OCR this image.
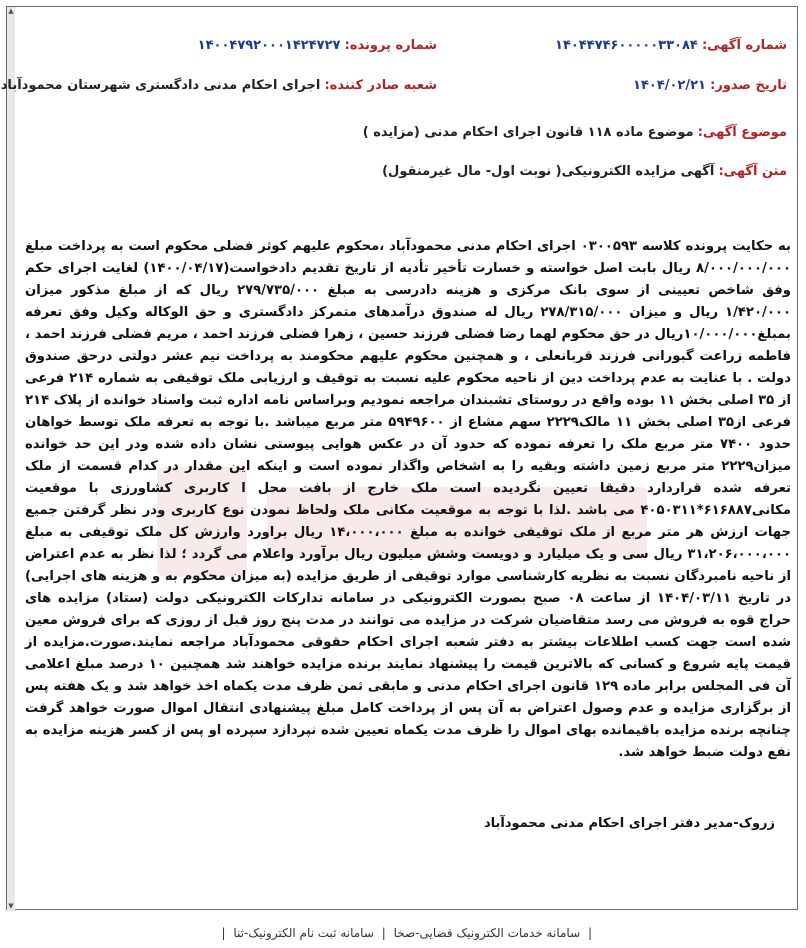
▲
▼
شماره آگهی: ۱۴۰۴۴۷۴۶۰۰۰۰۰۳۳۰۸۴
شماره پرونده: ۱۴۰۰۴۷۹۲۰۰۰۱۴۲۴۷۲۷
تاریخ صدور: ۱۴۰۴/۰۲/۲۱
شعبه صادر کننده: اجرای احکام مدنی دادگستری شهرستان محمودآباد
موضوع آگهی: موضوع ماده ۱۱۸ قانون اجرای احکام مدنی (مزایده )
متن آگهی: آگهی مزایده الکترونیکی( نوبت اول- مال غیرمنقول)
به حکایت پرونده کلاسه ۰۳۰۰۵۹۳ اجرای احکام مدنی محمودآباد ،محکوم علیهم کوثر فضلی محکوم است به پرداخت مبلغ ۸/۰۰۰/۰۰۰/۰۰۰ ریال بابت اصل خواسته و خسارت تأخیر تأدیه از تاریخ تقدیم دادخواست(۱۴۰۰/۰۴/۱۷) لغایت اجرای حکم وفق شاخص تعیینی از سوی بانک مرکزی و هزینه دادرسی به مبلغ ۲۷۹/۷۳۵/۰۰۰ ریال که از مبلغ مذکور میزان ۱/۴۲۰/۰۰۰ ریال و میزان ۲۷۸/۳۱۵/۰۰۰ ریال له صندوق درآمدهای متمرکز دادگستری و حق الوکاله وکیل وفق تعرفه بمبلغ۱۰/۰۰۰/۰۰۰ریال در حق محکوم لهما رضا فضلی فرزند حسین ، زهرا فضلی فرزند احمد ، مریم فضلی فرزند احمد ، فاطمه زراعت گبورانی فرزند قربانعلی ، و همچنین محکوم علیهم محکومند به پرداخت نیم عشر دولتی درحق صندوق دولت . با عنایت به عدم پرداخت دین از ناحیه محکوم علیه نسبت به توقیف و ارزیابی ملک توقیفی به شماره ۲۱۴ فرعی از ۳۵ اصلی بخش ۱۱ بوده واقع در روستای تشبندان مراجعه نمودیم وبراساس نامه اداره ثبت واسناد خوانده از پلاک ۲۱۴ فرعی از۳۵ اصلی بخش ۱۱ مالک۲۲۲۹ سهم مشاع از ۵۹۴۹۶۰۰ متر مربع میباشد .با توجه به تعرفه ملک توسط خواهان حدود ۷۴۰۰ متر مربع ملک را تعرفه نموده که حدود آن در عکس هوایی پیوستی نشان داده شده ودر این حد خوانده میزان۲۲۲۹ متر مربع زمین داشته وبقیه را به اشخاص واگذار نموده است و اینکه این مقدار در کدام قسمت از ملک تعرفه شده قراردارد دقیقا تعیین نگردیده است ملک خارج از بافت محل ا کاربری کشاورزی با موقعیت مکانی۶۱۶۸۸۷*۴۰۵۰۳۱۱ می باشد .لذا با توجه به موقعیت مکانی ملک ولحاظ نمودن نوع کاربری ودر نظر گرفتن جمیع جهات ارزش هر متر مربع از ملک توقیفی خوانده به مبلغ ۱۴،۰۰۰،۰۰۰ ریال براورد وارزش کل ملک توقیفی به مبلغ ۳۱،۲۰۶،۰۰۰،۰۰۰ ریال سی و یک میلیارد و دویست وشش میلیون ریال برآورد واعلام می گردد ؛ لذا نظر به عدم اعتراض از ناحیه نامبردگان نسبت به نظریه کارشناسی موارد توقیفی از طریق مزایده (به میزان محکوم به و هزینه های اجرایی) در تاریخ ۱۴۰۴/۰۳/۱۱ از ساعت ۰۸ صبح بصورت الکترونیکی در سامانه تدارکات الکترونیکی دولت (ستاد) مزایده های حراج قوه به فروش می رسد متقاضیان شرکت در مزایده می توانند در مدت پنج روز قبل از روزی که برای فروش معین شده است جهت کسب اطلاعات بیشتر به دفتر شعبه اجرای احکام حقوقی محمودآباد مراجعه نمایند.صورت.مزایده از قیمت پایه شروع و کسانی که بالاترین قیمت را پیشنهاد نمایند برنده مزایده خواهند شد همچنین ۱۰ درصد مبلغ اعلامی آن فی المجلس برابر ماده ۱۲۹ قانون اجرای احکام مدنی و مابقی ثمن ظرف مدت یکماه اخذ خواهد شد و یک هفته پس از برگزاری مزایده و عدم وصول اعتراض به آن پس از پرداخت کامل مبلغ پیشنهادی انتقال اموال صورت خواهد گرفت چنانچه برنده مزایده باقیمانده بهای اموال را ظرف مدت یکماه تعیین شده نپردازد سپرده او پس از کسر هزینه مزایده به نفع دولت ضبط خواهد شد.
زروک-مدیر دفتر اجرای احکام مدنی محمودآباد
| سامانه خدمات الکترونیک قضایی-صخا | سامانه ثبت نام الکترونیک-ثنا |
